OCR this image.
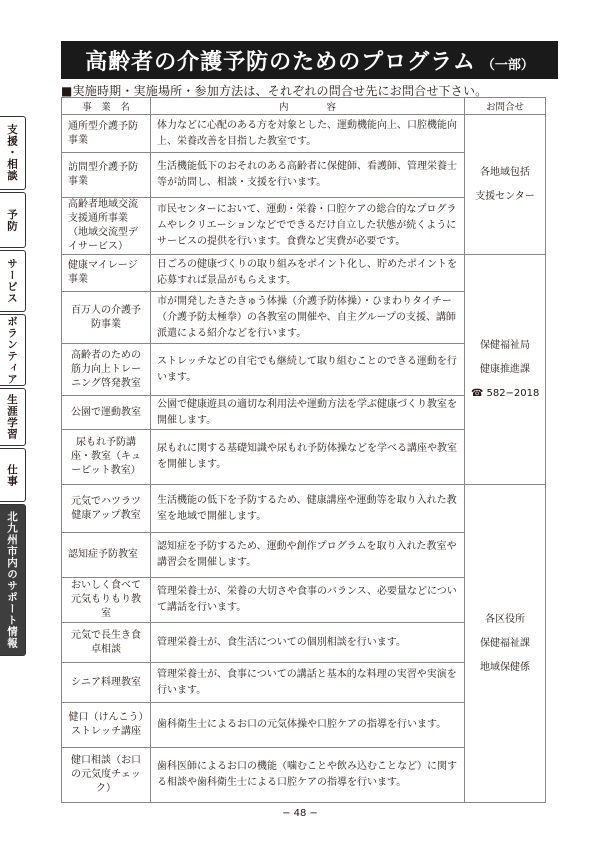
高齢者の介護予防のためのプログラム （一部）
■実施時期・実施場所・参加方法は、それぞれの問合せ先にお問合せ下さい。
事　業　名	内　　　　容	お問合せ
通所型介護予防事業	体力などに心配のある方を対象とした、運動機能向上、口腔機能向上、栄養改善を目指した教室です。	各地域包括
支援センター

訪問型介護予防事業	生活機能低下のおそれのある高齢者に保健師、看護師、管理栄養士等が訪問し、相談・支援を行います。	
高齢者地域交流支援通所事業（地域交流型デイサービス）	市民センターにおいて、運動・栄養・口腔ケアの総合的なプログラムやレクリエーションなどでできるだけ自立した状態が続くようにサービスの提供を行います。食費など実費が必要です。	
健康マイレージ事業	日ごろの健康づくりの取り組みをポイント化し、貯めたポイントを応募すれば景品がもらえます。	保健福祉局
健康推進課
☎ 582−2018

百万人の介護予防事業	市が開発したきたきゅう体操（介護予防体操）・ひまわりタイチー（介護予防太極拳）の各教室の開催や、自主グループの支援、講師派遣による紹介などを行います。	
高齢者のための筋力向上トレーニング啓発教室	ストレッチなどの自宅でも継続して取り組むことのできる運動を行います。	
公園で運動教室	公園で健康遊具の適切な利用法や運動方法を学ぶ健康づくり教室を開催します。	
尿もれ予防講座・教室（キューピット教室）	尿もれに関する基礎知識や尿もれ予防体操などを学べる講座や教室を開催します。	
元気でハツラツ健康アップ教室	生活機能の低下を予防するため、健康講座や運動等を取り入れた教室を地域で開催します。	各区役所
保健福祉課
地域保健係

認知症予防教室	認知症を予防するため、運動や創作プログラムを取り入れた教室や講習会を開催します。	
おいしく食べて元気もりもり教室	管理栄養士が、栄養の大切さや食事のバランス、必要量などについて講話を行います。	
元気で長生き食卓相談	管理栄養士が、食生活についての個別相談を行います。	
シニア料理教室	管理栄養士が、食事についての講話と基本的な料理の実習や実演を行います。	
健口（けんこう）ストレッチ講座	歯科衛生士によるお口の元気体操や口腔ケアの指導を行います。	
健口相談（お口の元気度チェック）	歯科医師によるお口の機能（噛むことや飲み込むことなど）に関する相談や歯科衛生士による口腔ケアの指導を行います。	
支援・相談
予防
サービス
ボランティア
生涯学習
仕事
北九州市内のサポート情報
− 48 −
